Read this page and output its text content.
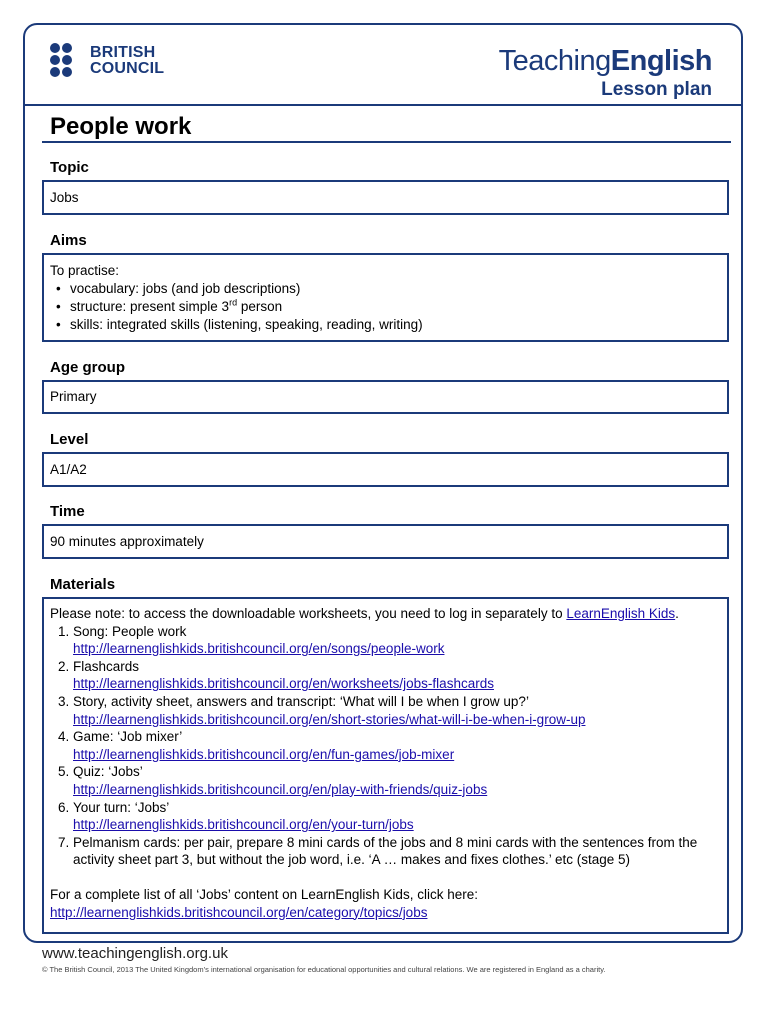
BRITISH
COUNCIL	TeachingEnglish
Lesson plan
People work
Topic
Jobs
Aims
To practise:
• vocabulary: jobs (and job descriptions)
• structure: present simple 3rd person
• skills: integrated skills (listening, speaking, reading, writing)
Age group
Primary
Level
A1/A2
Time
90 minutes approximately
Materials
Please note: to access the downloadable worksheets, you need to log in separately to LearnEnglish Kids.
1. Song: People work
http://learnenglishkids.britishcouncil.org/en/songs/people-work
2. Flashcards
http://learnenglishkids.britishcouncil.org/en/worksheets/jobs-flashcards
3. Story, activity sheet, answers and transcript: ‘What will I be when I grow up?’
http://learnenglishkids.britishcouncil.org/en/short-stories/what-will-i-be-when-i-grow-up
4. Game: ‘Job mixer’
http://learnenglishkids.britishcouncil.org/en/fun-games/job-mixer
5. Quiz: ‘Jobs’
http://learnenglishkids.britishcouncil.org/en/play-with-friends/quiz-jobs
6. Your turn: ‘Jobs’
http://learnenglishkids.britishcouncil.org/en/your-turn/jobs
7. Pelmanism cards: per pair, prepare 8 mini cards of the jobs and 8 mini cards with the sentences from the activity sheet part 3, but without the job word, i.e. ‘A … makes and fixes clothes.’ etc (stage 5)
For a complete list of all ‘Jobs’ content on LearnEnglish Kids, click here:
http://learnenglishkids.britishcouncil.org/en/category/topics/jobs
www.teachingenglish.org.uk
© The British Council, 2013 The United Kingdom’s international organisation for educational opportunities and cultural relations. We are registered in England as a charity.
